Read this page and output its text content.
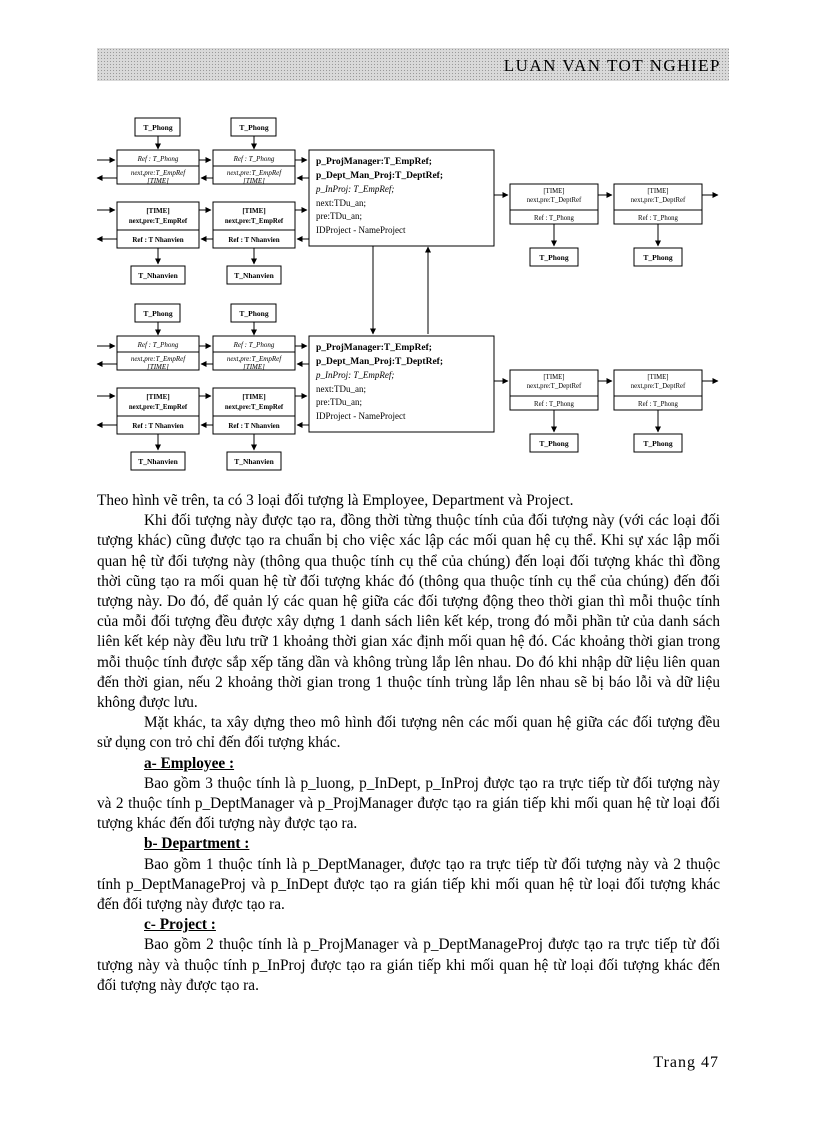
LUAN VAN TOT NGHIEP
T_Phong
Ref : T_Phong
next,pre:T_EmpRef
[TIME]
[TIME]
next,pre:T_EmpRef
Ref : T Nhanvien
T_Nhanvien
T_Phong
Ref : T_Phong
next,pre:T_EmpRef
[TIME]
[TIME]
next,pre:T_EmpRef
Ref : T Nhanvien
T_Nhanvien
p_ProjManager:T_EmpRef;
p_Dept_Man_Proj:T_DeptRef;
p_InProj: T_EmpRef;
next:TDu_an;
pre:TDu_an;
IDProject - NameProject
[TIME]
next,pre:T_DeptRef
Ref : T_Phong
T_Phong
[TIME]
next,pre:T_DeptRef
Ref : T_Phong
T_Phong
T_Phong
Ref : T_Phong
next,pre:T_EmpRef
[TIME]
[TIME]
next,pre:T_EmpRef
Ref : T Nhanvien
T_Nhanvien
T_Phong
Ref : T_Phong
next,pre:T_EmpRef
[TIME]
[TIME]
next,pre:T_EmpRef
Ref : T Nhanvien
T_Nhanvien
p_ProjManager:T_EmpRef;
p_Dept_Man_Proj:T_DeptRef;
p_InProj: T_EmpRef;
next:TDu_an;
pre:TDu_an;
IDProject - NameProject
[TIME]
next,pre:T_DeptRef
Ref : T_Phong
T_Phong
[TIME]
next,pre:T_DeptRef
Ref : T_Phong
T_Phong

Theo hình vẽ trên, ta có 3 loại đối tượng là Employee, Department và Project.

Khi đối tượng này được tạo ra, đồng thời từng thuộc tính của đối tượng này (với các loại đối tượng khác) cũng được tạo ra chuẩn bị cho việc xác lập các mối quan hệ cụ thể. Khi sự xác lập mối quan hệ từ đối tượng này (thông qua thuộc tính cụ thể của chúng) đến loại đối tượng khác thì đồng thời cũng tạo ra mối quan hệ từ đối tượng khác đó (thông qua thuộc tính cụ thể của chúng) đến đối tượng này. Do đó, để quản lý các quan hệ giữa các đối tượng động theo thời gian thì mỗi thuộc tính của mỗi đối tượng đều được xây dựng 1 danh sách liên kết kép, trong đó mỗi phần tử của danh sách liên kết kép này đều lưu trữ 1 khoảng thời gian xác định mối quan hệ đó. Các khoảng thời gian trong mỗi thuộc tính được sắp xếp tăng dần và không trùng lắp lên nhau. Do đó khi nhập dữ liệu liên quan đến thời gian, nếu 2 khoảng thời gian trong 1 thuộc tính trùng lắp lên nhau sẽ bị báo lỗi và dữ liệu không được lưu.

Mặt khác, ta xây dựng theo mô hình đối tượng nên các mối quan hệ giữa các đối tượng đều sử dụng con trỏ chỉ đến đối tượng khác.

a- Employee :

Bao gồm 3 thuộc tính là p_luong, p_InDept, p_InProj được tạo ra trực tiếp từ đối tượng này và 2 thuộc tính p_DeptManager và p_ProjManager được tạo ra gián tiếp khi mối quan hệ từ loại đối tượng khác đến đối tượng này được tạo ra.

b- Department :

Bao gồm 1 thuộc tính là p_DeptManager, được tạo ra trực tiếp từ đối tượng này và 2 thuộc tính p_DeptManageProj và p_InDept được tạo ra gián tiếp khi mối quan hệ từ loại đối tượng khác đến đối tượng này được tạo ra.

c- Project :

Bao gồm 2 thuộc tính là p_ProjManager và p_DeptManageProj được tạo ra trực tiếp từ đối tượng này và thuộc tính p_InProj được tạo ra gián tiếp khi mối quan hệ từ loại đối tượng khác đến đối tượng này được tạo ra.

Trang 47
